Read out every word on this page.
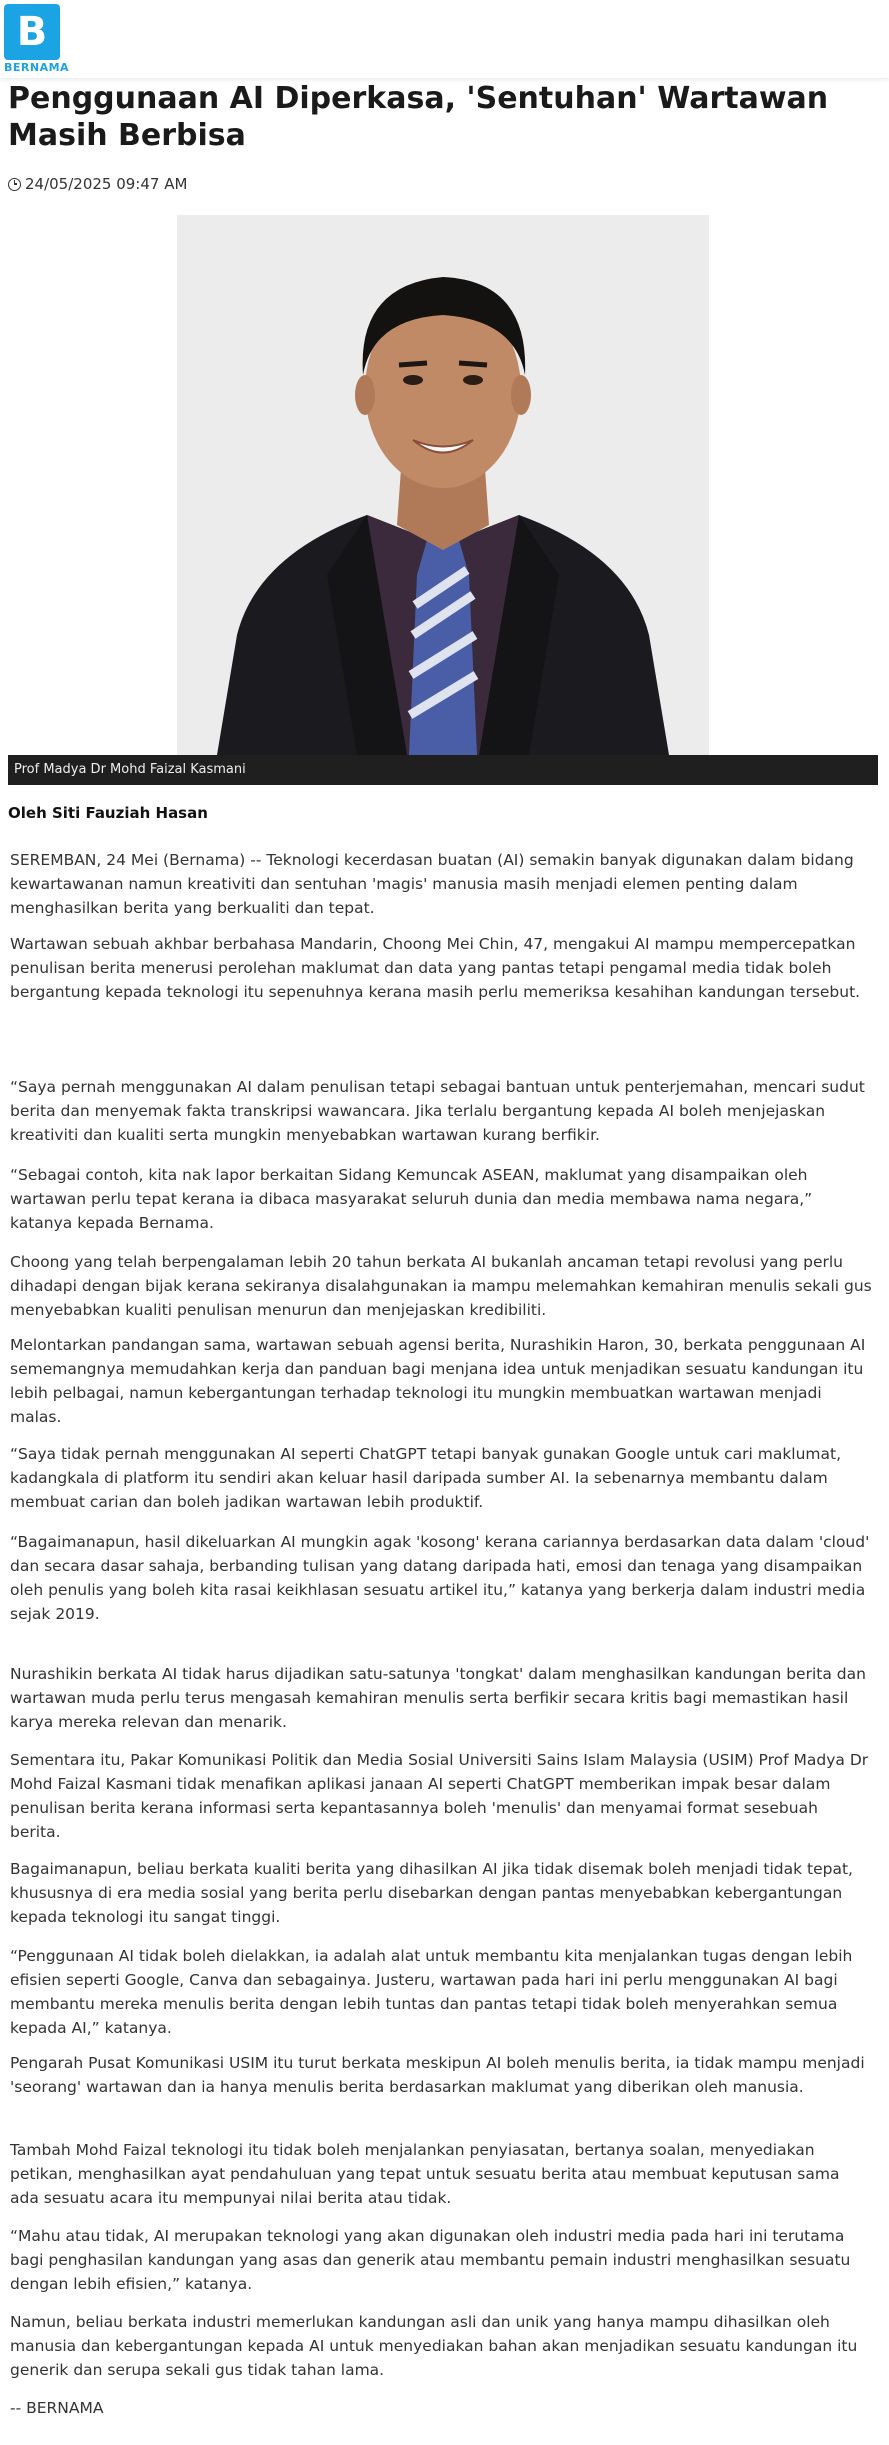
B
BERNAMA
Penggunaan AI Diperkasa, 'Sentuhan' Wartawan Masih Berbisa
24/05/2025 09:47 AM
Prof Madya Dr Mohd Faizal Kasmani
Oleh Siti Fauziah Hasan

SEREMBAN, 24 Mei (Bernama) -- Teknologi kecerdasan buatan (AI) semakin banyak digunakan dalam bidang kewartawanan namun kreativiti dan sentuhan 'magis' manusia masih menjadi elemen penting dalam menghasilkan berita yang berkualiti dan tepat.

Wartawan sebuah akhbar berbahasa Mandarin, Choong Mei Chin, 47, mengakui AI mampu mempercepatkan penulisan berita menerusi perolehan maklumat dan data yang pantas tetapi pengamal media tidak boleh bergantung kepada teknologi itu sepenuhnya kerana masih perlu memeriksa kesahihan kandungan tersebut.

“Saya pernah menggunakan AI dalam penulisan tetapi sebagai bantuan untuk penterjemahan, mencari sudut berita dan menyemak fakta transkripsi wawancara. Jika terlalu bergantung kepada AI boleh menjejaskan kreativiti dan kualiti serta mungkin menyebabkan wartawan kurang berfikir.

“Sebagai contoh, kita nak lapor berkaitan Sidang Kemuncak ASEAN, maklumat yang disampaikan oleh wartawan perlu tepat kerana ia dibaca masyarakat seluruh dunia dan media membawa nama negara,” katanya kepada Bernama.

Choong yang telah berpengalaman lebih 20 tahun berkata AI bukanlah ancaman tetapi revolusi yang perlu dihadapi dengan bijak kerana sekiranya disalahgunakan ia mampu melemahkan kemahiran menulis sekali gus menyebabkan kualiti penulisan menurun dan menjejaskan kredibiliti.

Melontarkan pandangan sama, wartawan sebuah agensi berita, Nurashikin Haron, 30, berkata penggunaan AI sememangnya memudahkan kerja dan panduan bagi menjana idea untuk menjadikan sesuatu kandungan itu lebih pelbagai, namun kebergantungan terhadap teknologi itu mungkin membuatkan wartawan menjadi malas.

“Saya tidak pernah menggunakan AI seperti ChatGPT tetapi banyak gunakan Google untuk cari maklumat, kadangkala di platform itu sendiri akan keluar hasil daripada sumber AI. Ia sebenarnya membantu dalam membuat carian dan boleh jadikan wartawan lebih produktif.

“Bagaimanapun, hasil dikeluarkan AI mungkin agak 'kosong' kerana cariannya berdasarkan data dalam 'cloud' dan secara dasar sahaja, berbanding tulisan yang datang daripada hati, emosi dan tenaga yang disampaikan oleh penulis yang boleh kita rasai keikhlasan sesuatu artikel itu,” katanya yang berkerja dalam industri media sejak 2019.

Nurashikin berkata AI tidak harus dijadikan satu-satunya 'tongkat' dalam menghasilkan kandungan berita dan wartawan muda perlu terus mengasah kemahiran menulis serta berfikir secara kritis bagi memastikan hasil karya mereka relevan dan menarik.

Sementara itu, Pakar Komunikasi Politik dan Media Sosial Universiti Sains Islam Malaysia (USIM) Prof Madya Dr Mohd Faizal Kasmani tidak menafikan aplikasi janaan AI seperti ChatGPT memberikan impak besar dalam penulisan berita kerana informasi serta kepantasannya boleh 'menulis' dan menyamai format sesebuah berita.

Bagaimanapun, beliau berkata kualiti berita yang dihasilkan AI jika tidak disemak boleh menjadi tidak tepat, khususnya di era media sosial yang berita perlu disebarkan dengan pantas menyebabkan kebergantungan kepada teknologi itu sangat tinggi.

“Penggunaan AI tidak boleh dielakkan, ia adalah alat untuk membantu kita menjalankan tugas dengan lebih efisien seperti Google, Canva dan sebagainya. Justeru, wartawan pada hari ini perlu menggunakan AI bagi membantu mereka menulis berita dengan lebih tuntas dan pantas tetapi tidak boleh menyerahkan semua kepada AI,” katanya.

Pengarah Pusat Komunikasi USIM itu turut berkata meskipun AI boleh menulis berita, ia tidak mampu menjadi 'seorang' wartawan dan ia hanya menulis berita berdasarkan maklumat yang diberikan oleh manusia.

Tambah Mohd Faizal teknologi itu tidak boleh menjalankan penyiasatan, bertanya soalan, menyediakan petikan, menghasilkan ayat pendahuluan yang tepat untuk sesuatu berita atau membuat keputusan sama ada sesuatu acara itu mempunyai nilai berita atau tidak.

“Mahu atau tidak, AI merupakan teknologi yang akan digunakan oleh industri media pada hari ini terutama bagi penghasilan kandungan yang asas dan generik atau membantu pemain industri menghasilkan sesuatu dengan lebih efisien,” katanya.

Namun, beliau berkata industri memerlukan kandungan asli dan unik yang hanya mampu dihasilkan oleh manusia dan kebergantungan kepada AI untuk menyediakan bahan akan menjadikan sesuatu kandungan itu generik dan serupa sekali gus tidak tahan lama.

-- BERNAMA
